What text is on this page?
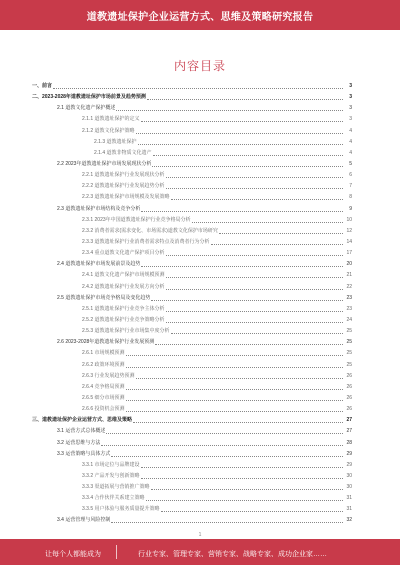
道教遗址保护企业运营方式、思维及策略研究报告
内容目录
一、前言	3
二、2023-2028年道教遗址保护市场前景及趋势预测	3
2.1 道教文化遗产保护概述	3
2.1.1 道教遗址保护的定义	3
2.1.2 道教文化保护策略	4
2.1.3 道教遗址保护	4
2.1.4 道教非物质文化遗产	4
2.2 2023年道教遗址保护市场发展现状分析	5
2.2.1 道教遗址保护行业发展现状分析	6
2.2.2 道教遗址保护行业发展趋势分析	7
2.2.3 道教遗址保护市场规模及发展策略	8
2.3 道教遗址保护市场结构及竞争分析	9
2.3.1 2023年中国道教遗址保护行业竞争格局分析	10
2.3.2 消费者需求(需求变化、市场需求)道教文化保护市场研究	12
2.3.3 道教遗址保护行业消费者需求特点及消费者行为分析	14
2.3.4 重点道教文化遗产保护项目分析	17
2.4 道教遗址保护市场发展前景及趋势	20
2.4.1 道教文化遗产保护市场规模预测	21
2.4.2 道教遗址保护行业发展方向分析	22
2.5 道教遗址保护市场竞争格局及变化趋势	23
2.5.1 道教遗址保护行业竞争主体分析	23
2.5.2 道教遗址保护行业竞争策略分析	24
2.5.3 道教遗址保护行业市场集中度分析	25
2.6 2023-2028年道教遗址保护行业发展预测	25
2.6.1 市场规模预测	25
2.6.2 政策环境预测	25
2.6.3 行业发展趋势预测	26
2.6.4 竞争格局预测	26
2.6.5 细分市场预测	26
2.6.6 投资机会预测	26
三、道教遗址保护企业运营方式、思维及策略	27
3.1 运营方式总体概述	27
3.2 运营思维与方法	28
3.3 运营策略与具体方式	29
3.3.1 市场定位与品牌建设	29
3.3.2 产品开发与创新策略	30
3.3.3 渠道拓展与营销推广策略	30
3.3.4 合作伙伴关系建立策略	31
3.3.5 用户体验与服务质量提升策略	31
3.4 运营管理与风险控制	32
1
让每个人都能成为	行业专家、管理专家、营销专家、战略专家、成功企业家……
